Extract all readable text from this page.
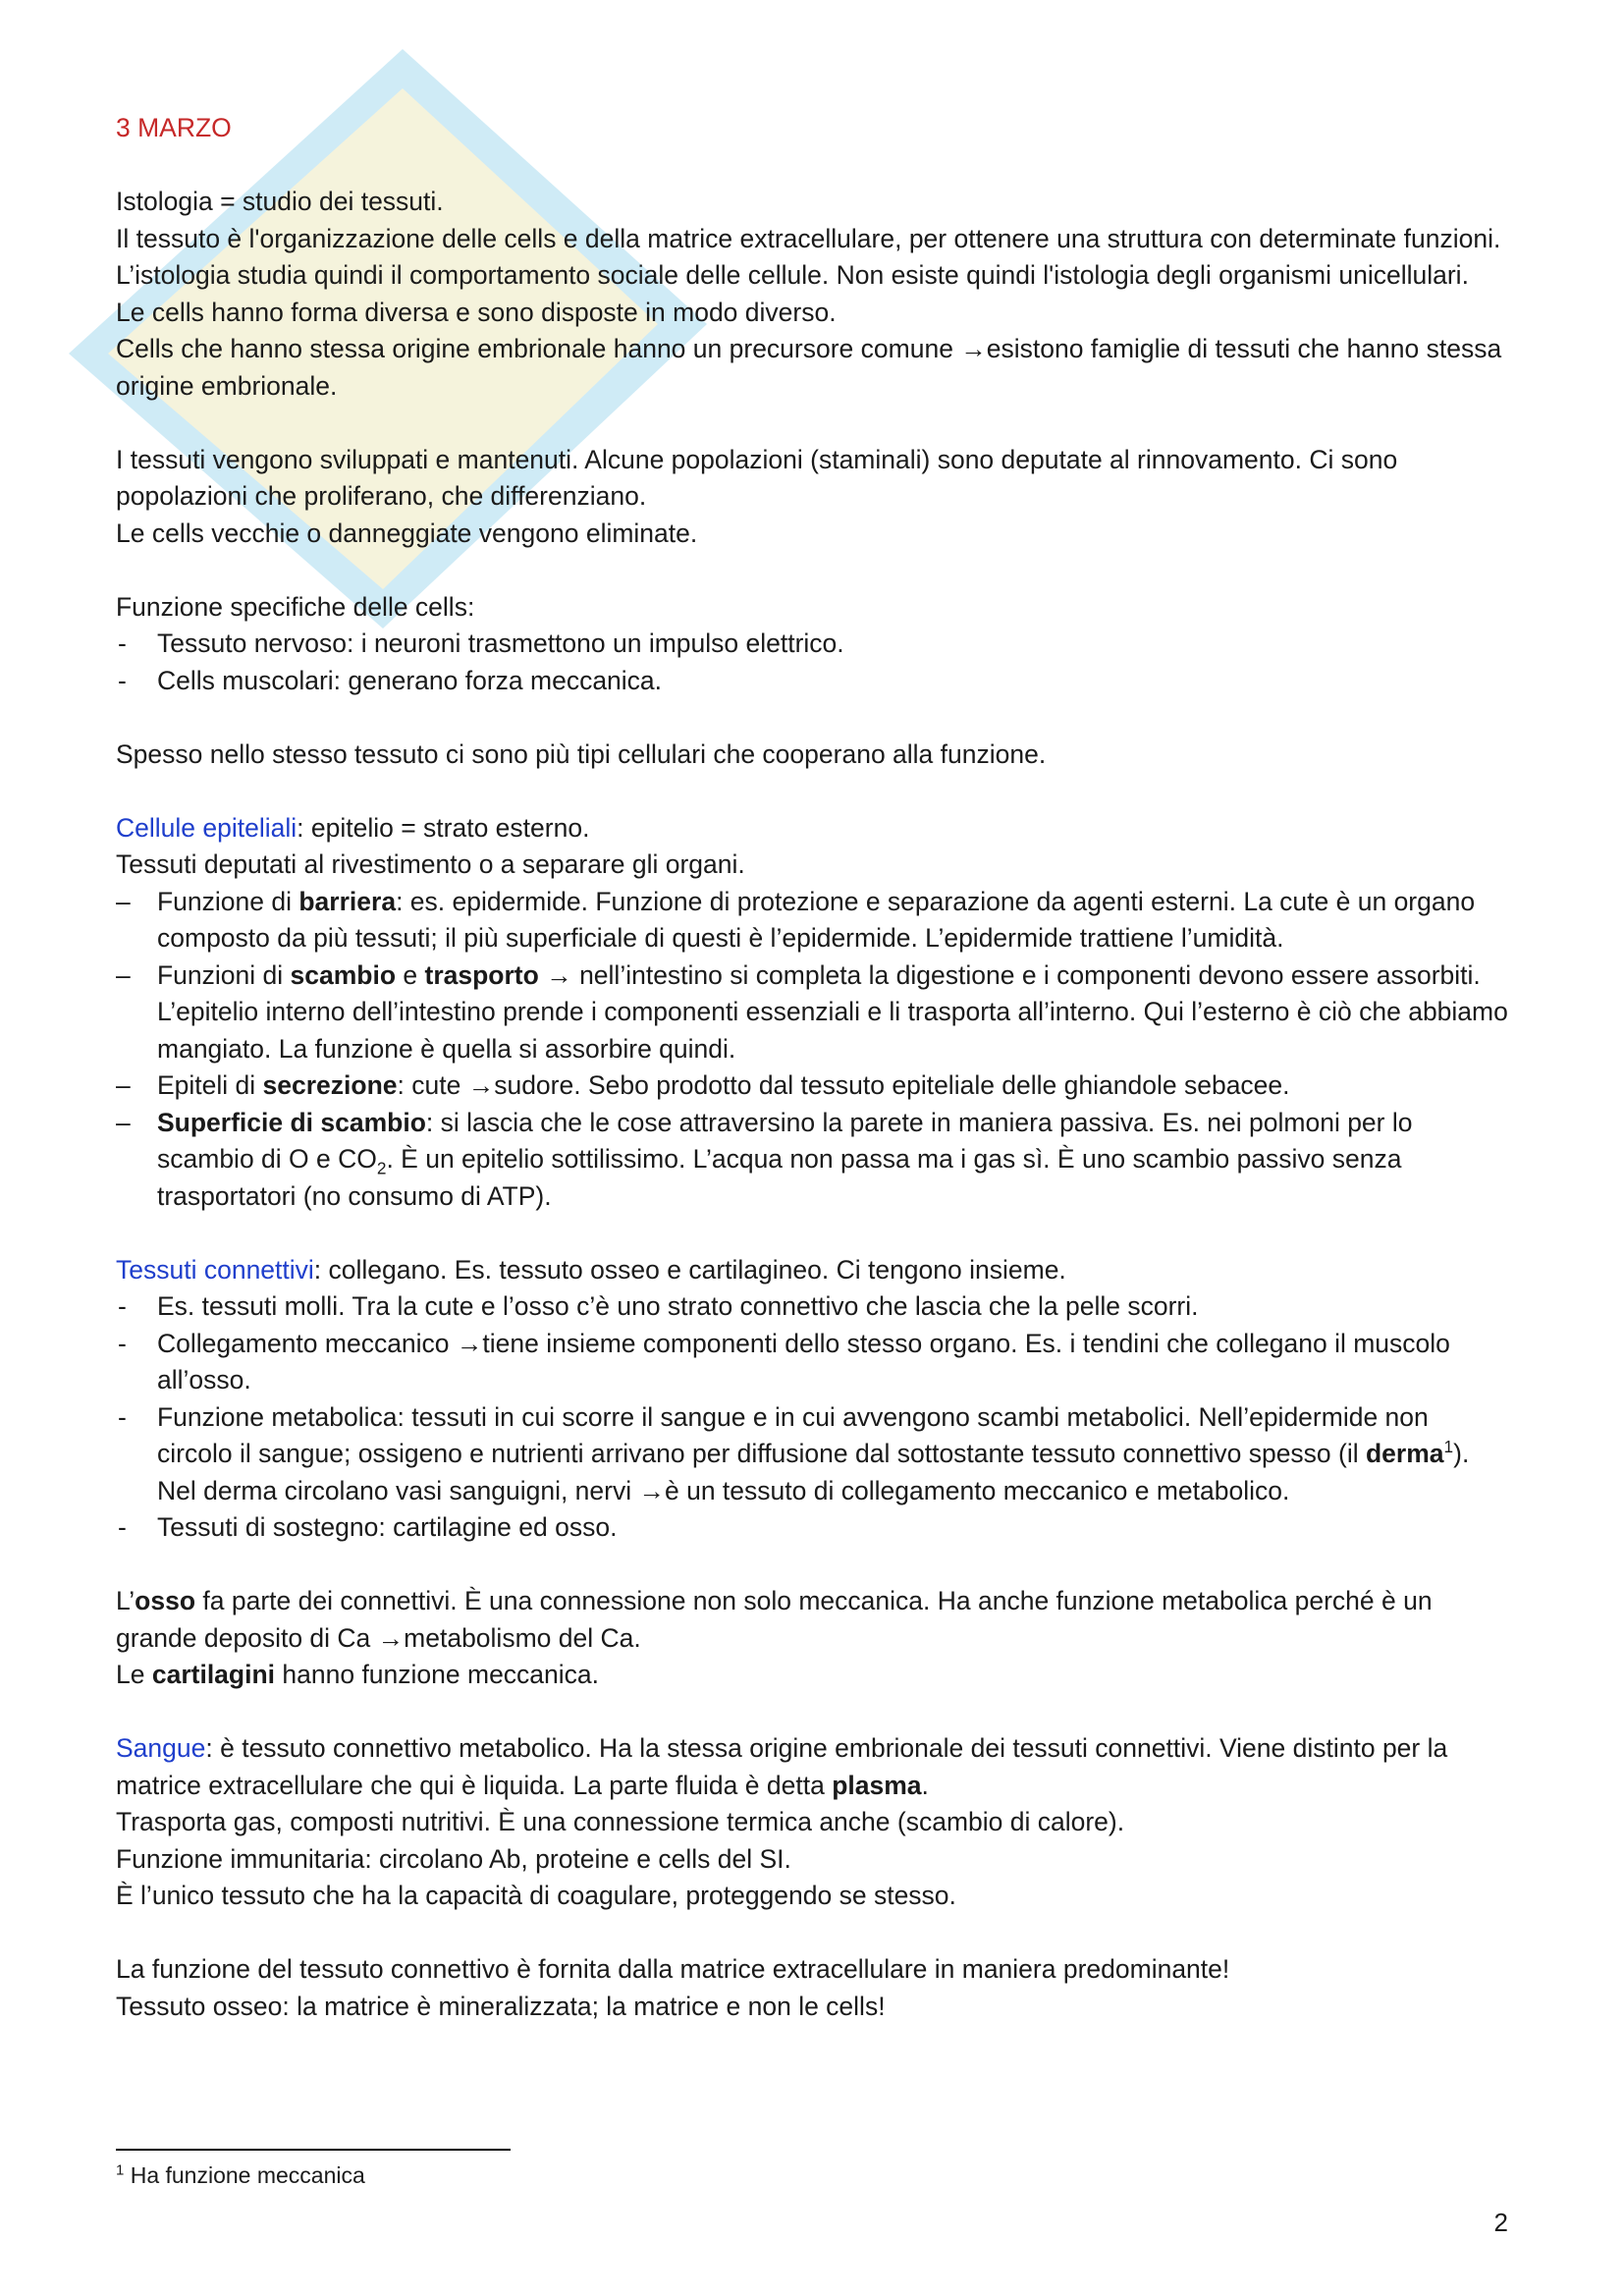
3 MARZO

Istologia = studio dei tessuti.

Il tessuto è l'organizzazione delle cells e della matrice extracellulare, per ottenere una struttura con determinate funzioni.

L’istologia studia quindi il comportamento sociale delle cellule. Non esiste quindi l'istologia degli organismi unicellulari.

Le cells hanno forma diversa e sono disposte in modo diverso.

Cells che hanno stessa origine embrionale hanno un precursore comune →esistono famiglie di tessuti che hanno stessa origine embrionale.

I tessuti vengono sviluppati e mantenuti. Alcune popolazioni (staminali) sono deputate al rinnovamento. Ci sono popolazioni che proliferano, che differenziano.

Le cells vecchie o danneggiate vengono eliminate.

Funzione specifiche delle cells:

- Tessuto nervoso: i neuroni trasmettono un impulso elettrico.
- Cells muscolari: generano forza meccanica.

Spesso nello stesso tessuto ci sono più tipi cellulari che cooperano alla funzione.

Cellule epiteliali: epitelio = strato esterno.

Tessuti deputati al rivestimento o a separare gli organi.

– Funzione di barriera: es. epidermide. Funzione di protezione e separazione da agenti esterni. La cute è un organo composto da più tessuti; il più superficiale di questi è l’epidermide. L’epidermide trattiene l’umidità.
– Funzioni di scambio e trasporto → nell’intestino si completa la digestione e i componenti devono essere assorbiti. L’epitelio interno dell’intestino prende i componenti essenziali e li trasporta all’interno. Qui l’esterno è ciò che abbiamo mangiato. La funzione è quella si assorbire quindi.
– Epiteli di secrezione: cute →sudore. Sebo prodotto dal tessuto epiteliale delle ghiandole sebacee.
– Superficie di scambio: si lascia che le cose attraversino la parete in maniera passiva. Es. nei polmoni per lo scambio di O e $CO_2$. È un epitelio sottilissimo. L’acqua non passa ma i gas sì. È uno scambio passivo senza trasportatori (no consumo di ATP).

Tessuti connettivi: collegano. Es. tessuto osseo e cartilagineo. Ci tengono insieme.

- Es. tessuti molli. Tra la cute e l’osso c’è uno strato connettivo che lascia che la pelle scorri.
- Collegamento meccanico →tiene insieme componenti dello stesso organo. Es. i tendini che collegano il muscolo all’osso.
- Funzione metabolica: tessuti in cui scorre il sangue e in cui avvengono scambi metabolici. Nell’epidermide non circolo il sangue; ossigeno e nutrienti arrivano per diffusione dal sottostante tessuto connettivo spesso (il derma$^1$). Nel derma circolano vasi sanguigni, nervi →è un tessuto di collegamento meccanico e metabolico.
- Tessuti di sostegno: cartilagine ed osso.

L’osso fa parte dei connettivi. È una connessione non solo meccanica. Ha anche funzione metabolica perché è un grande deposito di Ca →metabolismo del Ca.

Le cartilagini hanno funzione meccanica.

Sangue: è tessuto connettivo metabolico. Ha la stessa origine embrionale dei tessuti connettivi. Viene distinto per la matrice extracellulare che qui è liquida. La parte fluida è detta plasma.

Trasporta gas, composti nutritivi. È una connessione termica anche (scambio di calore).

Funzione immunitaria: circolano Ab, proteine e cells del SI.

È l’unico tessuto che ha la capacità di coagulare, proteggendo se stesso.

La funzione del tessuto connettivo è fornita dalla matrice extracellulare in maniera predominante!

Tessuto osseo: la matrice è mineralizzata; la matrice e non le cells!

$^1$ Ha funzione meccanica
2
